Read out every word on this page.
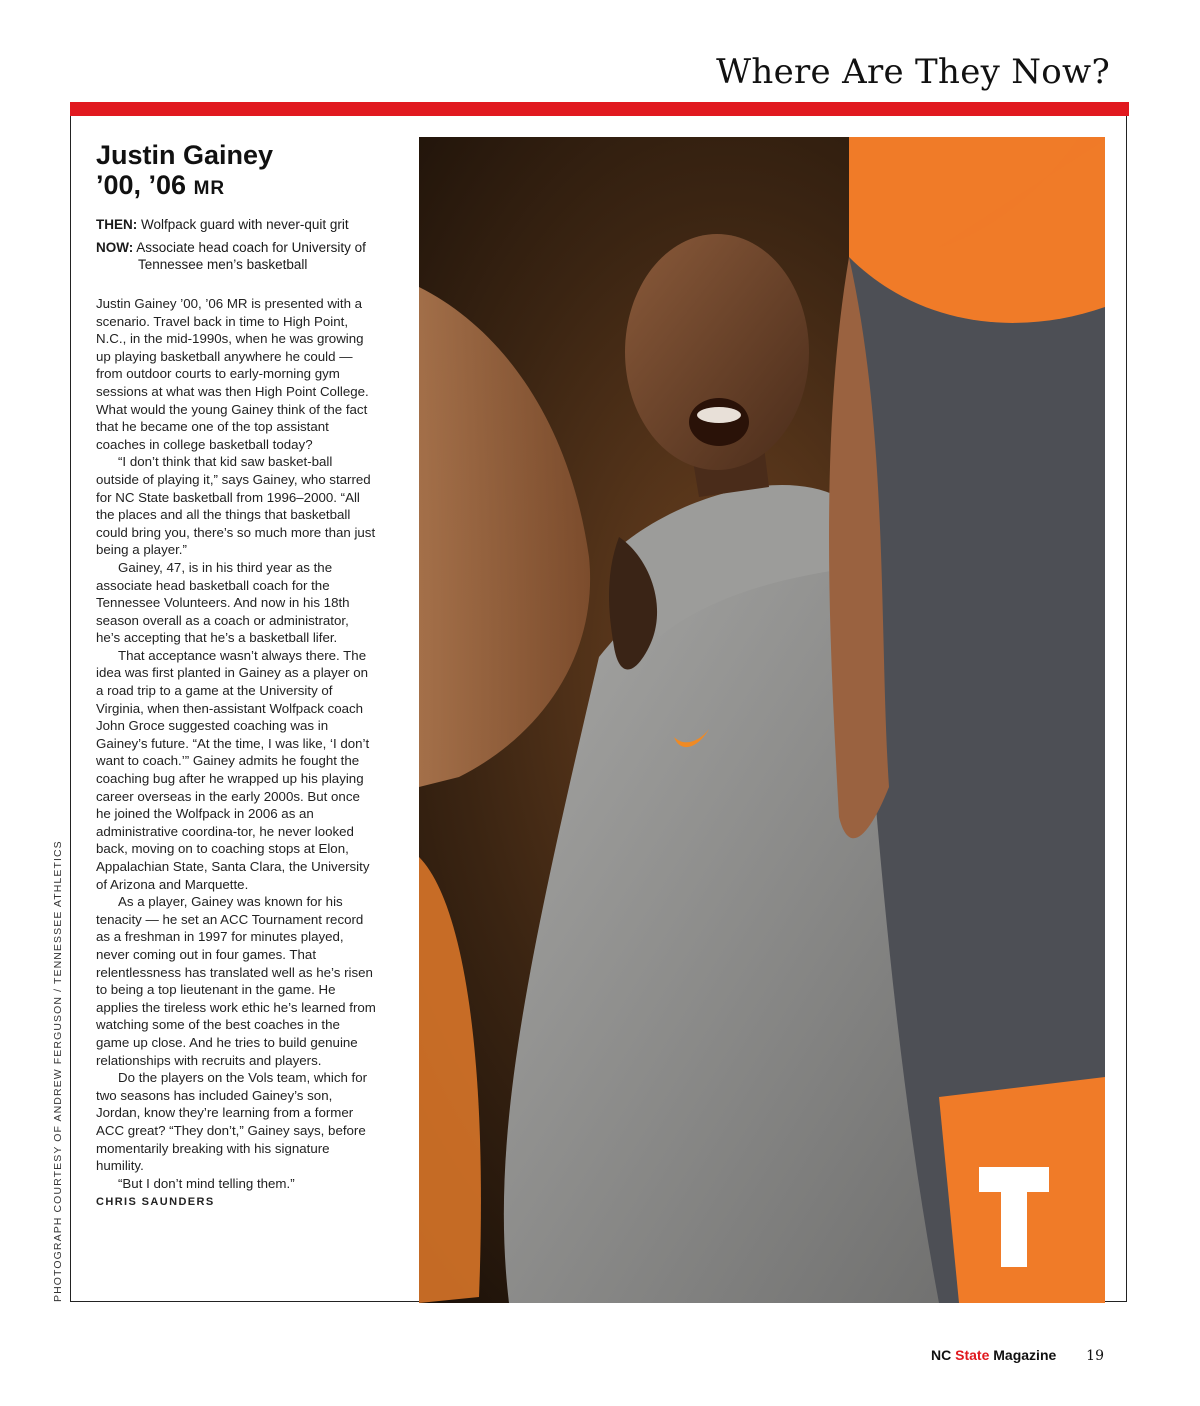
Where Are They Now?
PHOTOGRAPH COURTESY OF ANDREW FERGUSON / TENNESSEE ATHLETICS
Justin Gainey
’00, ’06 MR

THEN: Wolfpack guard with never-quit grit

NOW: Associate head coach for University of Tennessee men’s basketball

Justin Gainey ’00, ’06 MR is presented with a scenario. Travel back in time to High Point, N.C., in the mid-1990s, when he was growing up playing basketball anywhere he could — from outdoor courts to early-morning gym sessions at what was then High Point College. What would the young Gainey think of the fact that he became one of the top assistant coaches in college basketball today?

“I don’t think that kid saw basket-ball outside of playing it,” says Gainey, who starred for NC State basketball from 1996–2000. “All the places and all the things that basketball could bring you, there’s so much more than just being a player.”

Gainey, 47, is in his third year as the associate head basketball coach for the Tennessee Volunteers. And now in his 18th season overall as a coach or administrator, he’s accepting that he’s a basketball lifer.

That acceptance wasn’t always there. The idea was first planted in Gainey as a player on a road trip to a game at the University of Virginia, when then-assistant Wolfpack coach John Groce suggested coaching was in Gainey’s future. “At the time, I was like, ‘I don’t want to coach.’” Gainey admits he fought the coaching bug after he wrapped up his playing career overseas in the early 2000s. But once he joined the Wolfpack in 2006 as an administrative coordina-tor, he never looked back, moving on to coaching stops at Elon, Appalachian State, Santa Clara, the University of Arizona and Marquette.

As a player, Gainey was known for his tenacity — he set an ACC Tournament record as a freshman in 1997 for minutes played, never coming out in four games. That relentlessness has translated well as he’s risen to being a top lieutenant in the game. He applies the tireless work ethic he’s learned from watching some of the best coaches in the game up close. And he tries to build genuine relationships with recruits and players.

Do the players on the Vols team, which for two seasons has included Gainey’s son, Jordan, know they’re learning from a former ACC great? “They don’t,” Gainey says, before momentarily breaking with his signature humility.

“But I don’t mind telling them.”

CHRIS SAUNDERS
NC State Magazine 19
